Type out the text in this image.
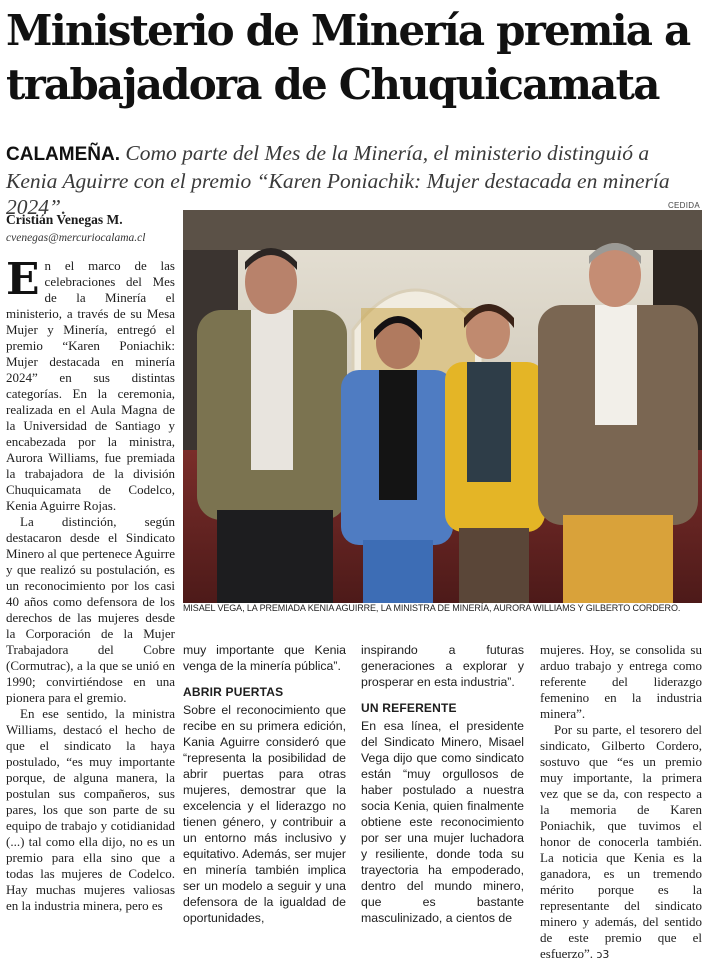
Ministerio de Minería premia a
trabajadora de Chuquicamata

CALAMEÑA. Como parte del Mes de la Minería, el ministerio distinguió a Kenia Aguirre con el premio “Karen Poniachik: Mujer destacada en minería 2024”.

Cristián Venegas M.
cvenegas@mercuriocalama.cl
CEDIDA
MISAEL VEGA, LA PREMIADA KENIA AGUIRRE, LA MINISTRA DE MINERÍA, AURORA WILLIAMS Y GILBERTO CORDERO.

En el marco de las celebraciones del Mes de la Minería el ministerio, a través de su Mesa Mujer y Minería, entregó el premio “Karen Poniachik: Mujer destacada en minería 2024” en sus distintas categorías. En la ceremonia, realizada en el Aula Magna de la Universidad de Santiago y encabezada por la ministra, Aurora Williams, fue premiada la trabajadora de la división Chuquicamata de Codelco, Kenia Aguirre Rojas.

La distinción, según destacaron desde el Sindicato Minero al que pertenece Aguirre y que realizó su postulación, es un reconocimiento por los casi 40 años como defensora de los derechos de las mujeres desde la Corporación de la Mujer Trabajadora del Cobre (Cormutrac), a la que se unió en 1990; convirtiéndose en una pionera para el gremio.

En ese sentido, la ministra Williams, destacó el hecho de que el sindicato la haya postulado, “es muy importante porque, de alguna manera, la postulan sus compañeros, sus pares, los que son parte de su equipo de trabajo y cotidianidad (...) tal como ella dijo, no es un premio para ella sino que a todas las mujeres de Codelco. Hay muchas mujeres valiosas en la industria minera, pero es

muy importante que Kenia venga de la minería pública”.

ABRIR PUERTAS

Sobre el reconocimiento que recibe en su primera edición, Kania Aguirre consideró que “representa la posibilidad de abrir puertas para otras mujeres, demostrar que la excelencia y el liderazgo no tienen género, y contribuir a un entorno más inclusivo y equitativo. Además, ser mujer en minería también implica ser un modelo a seguir y una defensora de la igualdad de oportunidades,

inspirando a futuras generaciones a explorar y prosperar en esta industria”.

UN REFERENTE

En esa línea, el presidente del Sindicato Minero, Misael Vega dijo que como sindicato están “muy orgullosos de haber postulado a nuestra socia Kenia, quien finalmente obtiene este reconocimiento por ser una mujer luchadora y resiliente, donde toda su trayectoria ha empoderado, dentro del mundo minero, que es bastante masculinizado, a cientos de

mujeres. Hoy, se consolida su arduo trabajo y entrega como referente del liderazgo femenino en la industria minera”.

Por su parte, el tesorero del sindicato, Gilberto Cordero, sostuvo que “es un premio muy importante, la primera vez que se da, con respecto a la memoria de Karen Poniachik, que tuvimos el honor de conocerla también. La noticia que Kenia es la ganadora, es un tremendo mérito porque es la representante del sindicato minero y además, del sentido de este premio que el esfuerzo”. ↄ3
